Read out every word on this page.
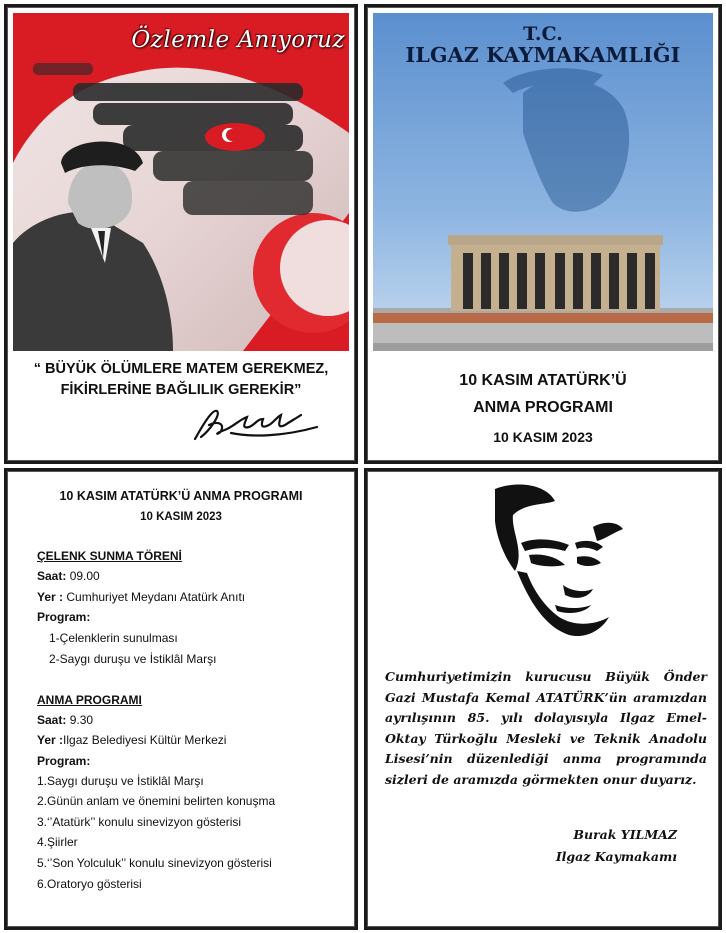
Özlemle Anıyoruz
“ BÜYÜK ÖLÜMLERE MATEM GEREKMEZ,
FİKİRLERİNE BAĞLILIK GEREKİR”
T.C.
ILGAZ KAYMAKAMLIĞI
10 KASIM ATATÜRK’Ü
ANMA PROGRAMI
10 KASIM 2023
10 KASIM ATATÜRK’Ü ANMA PROGRAMI
10 KASIM 2023
ÇELENK SUNMA TÖRENİ
Saat: 09.00
Yer : Cumhuriyet Meydanı Atatürk Anıtı
Program:
1-Çelenklerin sunulması
2-Saygı duruşu ve İstiklâl Marşı
ANMA PROGRAMI
Saat: 9.30
Yer :Ilgaz Belediyesi Kültür Merkezi
Program:
1.Saygı duruşu ve İstiklâl Marşı
2.Günün anlam ve önemini belirten konuşma
3.‘’Atatürk’’ konulu sinevizyon gösterisi
4.Şiirler
5.‘’Son Yolculuk’’ konulu sinevizyon gösterisi
6.Oratoryo gösterisi
Cumhuriyetimizin kurucusu Büyük Önder Gazi Mustafa Kemal ATATÜRK’ün aramızdan ayrılışının 85. yılı dolayısıyla Ilgaz Emel-Oktay Türkoğlu Mesleki ve Teknik Anadolu Lisesi’nin düzenlediği anma programında sizleri de aramızda görmekten onur duyarız.
Burak YILMAZ
Ilgaz Kaymakamı
